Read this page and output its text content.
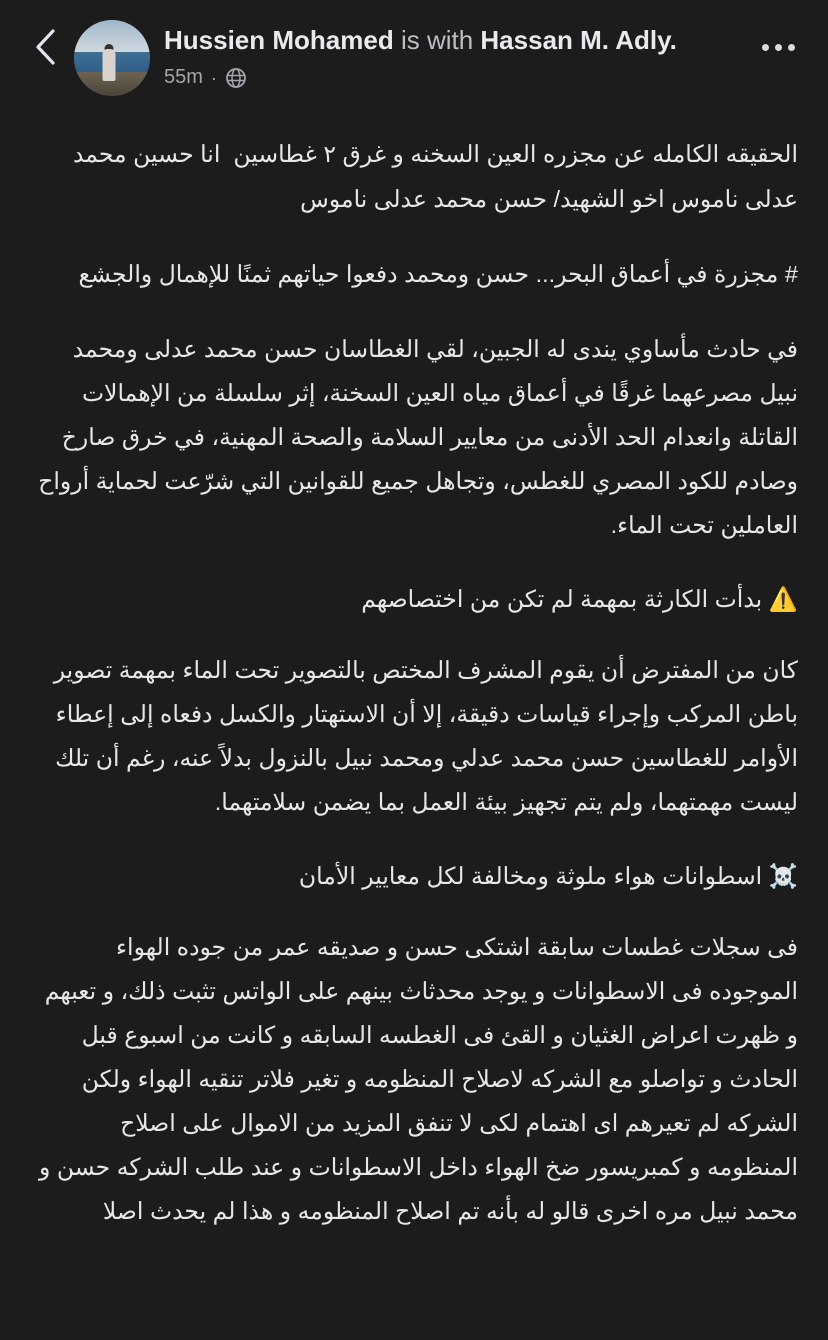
Hussien Mohamed is with Hassan M. Adly.
55m ·

الحقيقه الكامله عن مجزره العين السخنه و غرق ٢ غطاسين  انا حسين محمد عدلى ناموس اخو الشهيد/ حسن محمد عدلى ناموس

# مجزرة في أعماق البحر... حسن ومحمد دفعوا حياتهم ثمنًا للإهمال والجشع

في حادث مأساوي يندى له الجبين، لقي الغطاسان حسن محمد عدلى ومحمد نبيل مصرعهما غرقًا في أعماق مياه العين السخنة، إثر سلسلة من الإهمالات القاتلة وانعدام الحد الأدنى من معايير السلامة والصحة المهنية، في خرق صارخ وصادم للكود المصري للغطس، وتجاهل جميع للقوانين التي شرّعت لحماية أرواح العاملين تحت الماء.

⚠️ بدأت الكارثة بمهمة لم تكن من اختصاصهم

كان من المفترض أن يقوم المشرف المختص بالتصوير تحت الماء بمهمة تصوير باطن المركب وإجراء قياسات دقيقة، إلا أن الاستهتار والكسل دفعاه إلى إعطاء الأوامر للغطاسين حسن محمد عدلي ومحمد نبيل بالنزول بدلاً عنه، رغم أن تلك ليست مهمتهما، ولم يتم تجهيز بيئة العمل بما يضمن سلامتهما.

☠️ اسطوانات هواء ملوثة ومخالفة لكل معايير الأمان

فى سجلات غطسات سابقة اشتكى حسن و صديقه عمر من جوده الهواء الموجوده فى الاسطوانات و يوجد محدثاث بينهم على الواتس تثبت ذلك، و تعبهم و ظهرت اعراض الغثيان و القئ فى الغطسه السابقه و كانت من اسبوع قبل الحادث و تواصلو مع الشركه لاصلاح المنظومه و تغير فلاتر تنقيه الهواء ولكن الشركه لم تعيرهم اى اهتمام لكى لا تنفق المزيد من الاموال على اصلاح المنظومه و كمبريسور ضخ الهواء داخل الاسطوانات و عند طلب الشركه حسن و محمد نبيل مره اخرى قالو له بأنه تم اصلاح المنظومه و هذا لم يحدث اصلا
